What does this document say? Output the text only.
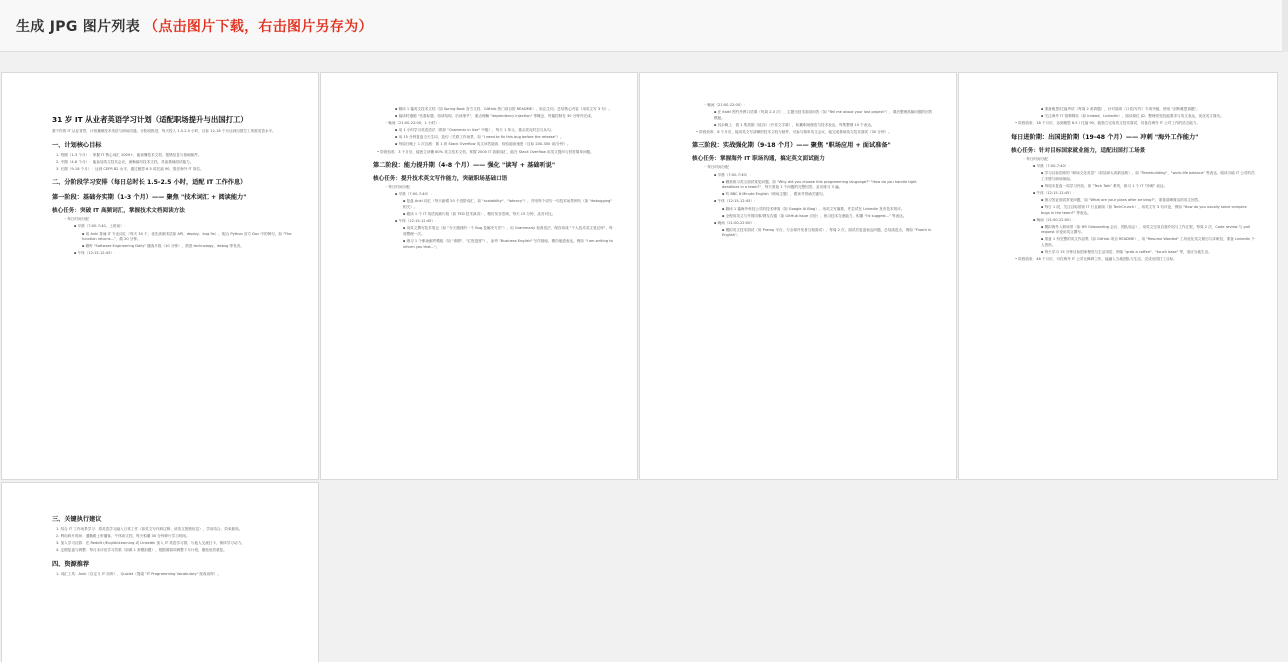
生成 JPG 图片列表 （点击图片下载，右击图片另存为）
31 岁 IT 从业者英语学习计划（适配职场提升与出国打工）
基于你的 IT 从业背景，计划兼顾技术英语与职场沟通，分阶段推进，每天投入 1.5-2.5 小时，目标 12-18 个月达到出国打工所需英语水平。
一、计划核心目标
1. 短期（1-3 个月）：掌握 IT 核心词汇 2000+，能读懂技术文档、报错信息与基础邮件。
2. 中期（4-8 个月）：能参加英文技术会议，流畅编写技术文档，具备基础面试能力。
3. 长期（9-18 个月）：达到 CEFR B2 水平，通过雅思 6.5 或托福 90，胜任海外 IT 岗位。
二、分阶段学习安排（每日总时长 1.5-2.5 小时，适配 IT 工作作息）
第一阶段：基础夯实期（1-3 个月）—— 聚焦 "技术词汇 + 阅读能力"
核心任务：突破 IT 高频词汇，掌握技术文档阅读方法
◦ 每日时间分配
▪ 早晨（7:00-7:40，上班前）：
▪ 用 Anki 背诵 IT 专业词汇（每天 30 个，优先高频术语如 API、deploy、bug fix），配合 Python 官方 Doc 中的例句，如 "The function returns..."，做 20 分钟。
▪ 精听 "Software Engineering Daily" 播客片段（10 分钟），熟悉 technology、debug 等发音。
▪ 午休（12:15-12:45）：
▪ 精读 1 篇英文技术文档（如 Spring Boot 官方文档、GitHub 热门项目的 README），标注生词，总结核心内容（用英文写 3 句）。
▪ 阅读时遵循 "先看标题、再读结构、后读细节"，重点理解 "dependency injection" 等概念，每篇控制在 30 分钟内完成。
◦ 晚间（21:00-22:00，1 小时）：
▪ 用 1 小时学习英语语法（推荐 "Grammar in Use" 中级），每天 1 单元，重点攻克时态与从句。
▪ 用 15 分钟复盘当天生词，造句（关联工作场景，如 "I need to fix this bug before the release"）。
▪ 每周日晚上 1 次自测：做 1 套 Stack Overflow 英文问答阅读，检验阅读速度（目标 200-300 词/分钟）。
• 阶段验收：3 个月后，能独立读懂 80% 英文技术文档，掌握 2000 IT 高频词汇，能在 Stack Overflow 用英文提问与回答简单问题。
第二阶段：能力提升期（4-8 个月）—— 强化 "读写 + 基础听说"
核心任务：提升技术英文写作能力，突破职场基础口语
◦ 每日时间分配
▪ 早晨（7:00-7:40）：
▪ 复盘 Anki 词汇（每天新增 20 个进阶词汇，如 "scalability"、"latency"），并用每个词写一句技术场景例句（如 "debugging" 相关）。
▪ 跟读 1 个 IT 英语视频片段（如 TED 技术演讲），模仿发音语调，每天 15 分钟，录音对比。
▪ 午休（12:15-12:45）：
▪ 用英文撰写技术笔记（如 "今天遇到的一个 Bug 及解决方法"），用 Grammarly 检查语法，保存形成 "个人技术英文笔记库"，每周整理一次。
▪ 练习 1 个职场邮件模板（如 "请假"、"汇报进度"），参考 "Business English" 写作指南，模仿地道表达，例如 "I am writing to inform you that..."。
◦ 晚间（21:00-22:00）：
▪ 在 italki 预约外教口语课（每周 2-3 次），主题为技术面试问答（如 "Tell me about your last project"），课后整理高频问题的回答模板。
▪ 其余晚上：看 1 集美剧《硅谷》（开英文字幕），积累职场俚语与技术表达，每集整理 10 个表达。
• 阶段验收：8 个月后，能用英文写清晰的技术文档与邮件，可参与简单英文会议，能完成基础英文技术面试（30 分钟）。
第三阶段：实战强化期（9-18 个月）—— 聚焦 "职场应用 + 面试准备"
核心任务：掌握海外 IT 职场沟通，搞定英文面试能力
◦ 每日时间分配
▪ 早晨（7:00-7:40）：
▪ 精准练习英文面试常见问题，如 "Why did you choose this programming language?" "How do you handle tight deadlines in a team?"，每天准备 1 个问题的完整回答，录音练习 3 遍。
▪ 听 BBC 6 Minute English（职场主题），跟读并背诵关键句。
▪ 午休（12:15-12:45）：
▪ 精读 1 篇海外科技公司的技术博客（如 Google AI Blog），用英文写摘要，并尝试在 LinkedIn 发布技术短评。
▪ 全程用英文与外国同事/网友沟通（如 GitHub issue 讨论），练习技术交流能力，积累 "I'd suggest..." 等表达。
▪ 晚间（21:00-22:00）：
▪ 模拟英文技术面试（用 Pramp 平台，与全球开发者互相面试），每周 2 次，面试后复盘表达问题，总结改进点，例如 "Fluent in English"。
▪ 准备雅思/托福考试（每周 2 套真题），针对弱项（口语/写作）专项突破，使用 "剑桥雅思真题"。
▪ 关注海外 IT 招聘网站（如 Indeed、LinkedIn），阅读岗位 JD，整理常见技能要求与英文表达，优化英文简历。
• 阶段验收：18 个月后，达到雅思 6.5 / 托福 90，能独立完成英文技术面试，具备在海外 IT 公司工作的语言能力。
每日进阶期：出国进阶期（19-48 个月）—— 冲刺 "海外工作能力"
核心任务：针对目标国家就业能力，适配出国打工场景
◦ 每日时间分配
▪ 早晨（7:00-7:40）：
▪ 学习目标国家的 "职场文化英语"（如加拿大或新加坡），如 "Teambuilding"、"work-life balance" 等表达，阅读当地 IT 公司的员工手册与职场指南。
▪ 每周末复盘一周学习内容，如 "Tech Talk" 系列，练习 1 个 IT "冲刺" 表达。
▪ 午休（12:15-12:45）：
▪ 练习签证面试常见问题，如 "What are your plans after arriving?"，准备清晰简洁的英文回答。
▪ 每日 1 段，关注目标国家 IT 行业新闻（如 TechCrunch），用英文写 3 句评论，例如 "How do you usually solve complex bugs in the team?" 等表达。
▪ 晚间（21:00-22:00）：
▪ 模拟海外入职场景（如 HR Onboarding 会议、团队周会），用英文完成自我介绍与工作汇报，每周 2 次，Code review 与 pull request 评论用英文撰写。
▪ 准备 1 份完整的英文作品集（如 GitHub 项目 README），用 "Resume Worded" 工具优化英文简历与求职信，准备 LinkedIn 个人资料。
▪ 每天学习 15 分钟目标国家俚语与生活用语，例如 "grab a coffee"、"touch base" 等，适应当地生活。
• 阶段验收：48 个月后，可在海外 IT 公司无障碍工作，能融入当地团队与生活，完成出国打工目标。
三、关键执行建议
1. 结合 IT 工作场景学习：将英语学习融入日常工作（如英文写代码注释、读英文报错信息），学用结合，效率最高。
2. 利用碎片时间：通勤路上听播客、午休读文档，每天积累 30 分钟碎片学习时间。
3. 加入学习社群：在 Reddit r/EnglishLearning 或 LinkedIn 加入 IT 英语学习群，与他人交流打卡，保持学习动力。
4. 定期复盘与调整：每月末评估学习效果（如做 1 套模拟题），根据薄弱项调整下月计划，避免低效重复。
四、资源推荐
1. 词汇工具：Anki（自定义 IT 词库）、Quizlet（搜索 "IT Programming Vocabulary" 现成词库）。
